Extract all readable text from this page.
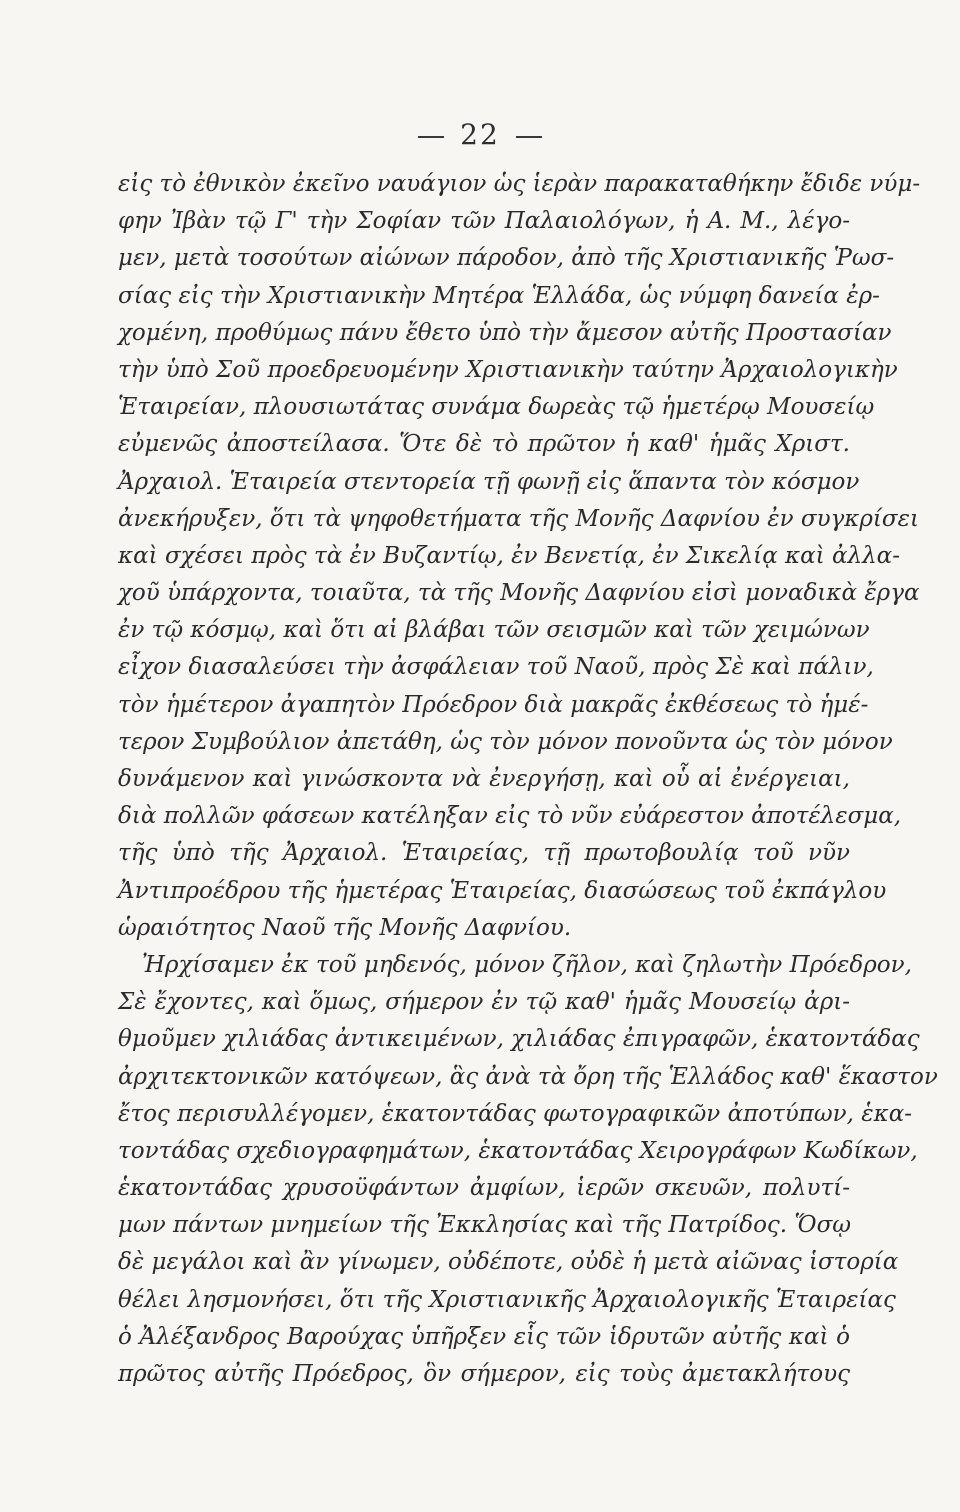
22
εἰς τὸ ἐθνικὸν ἐκεῖνο ναυάγιον ὡς ἱερὰν παρακαταθήκην ἔδιδε νύμ-
φην Ἰβὰν τῷ Γ' τὴν Σοφίαν τῶν Παλαιολόγων, ἡ Α. Μ., λέγο-
μεν, μετὰ τοσούτων αἰώνων πάροδον, ἀπὸ τῆς Χριστιανικῆς Ῥωσ-
σίας εἰς τὴν Χριστιανικὴν Μητέρα Ἑλλάδα, ὡς νύμφη δανεία ἐρ-
χομένη, προθύμως πάνυ ἔθετο ὑπὸ τὴν ἄμεσον αὐτῆς Προστασίαν
τὴν ὑπὸ Σοῦ προεδρευομένην Χριστιανικὴν ταύτην Ἀρχαιολογικὴν
Ἑταιρείαν, πλουσιωτάτας συνάμα δωρεὰς τῷ ἡμετέρῳ Μουσείῳ
εὐμενῶς ἀποστείλασα. Ὅτε δὲ τὸ πρῶτον ἡ καθ' ἡμᾶς Χριστ.
Ἀρχαιολ. Ἑταιρεία στεντορεία τῇ φωνῇ εἰς ἅπαντα τὸν κόσμον
ἀνεκήρυξεν, ὅτι τὰ ψηφοθετήματα τῆς Μονῆς Δαφνίου ἐν συγκρίσει
καὶ σχέσει πρὸς τὰ ἐν Βυζαντίῳ, ἐν Βενετίᾳ, ἐν Σικελίᾳ καὶ ἀλλα-
χοῦ ὑπάρχοντα, τοιαῦτα, τὰ τῆς Μονῆς Δαφνίου εἰσὶ μοναδικὰ ἔργα
ἐν τῷ κόσμῳ, καὶ ὅτι αἱ βλάβαι τῶν σεισμῶν καὶ τῶν χειμώνων
εἶχον διασαλεύσει τὴν ἀσφάλειαν τοῦ Ναοῦ, πρὸς Σὲ καὶ πάλιν,
τὸν ἡμέτερον ἀγαπητὸν Πρόεδρον διὰ μακρᾶς ἐκθέσεως τὸ ἡμέ-
τερον Συμβούλιον ἀπετάθη, ὡς τὸν μόνον πονοῦντα ὡς τὸν μόνον
δυνάμενον καὶ γινώσκοντα νὰ ἐνεργήσῃ, καὶ οὗ αἱ ἐνέργειαι,
διὰ πολλῶν φάσεων κατέληξαν εἰς τὸ νῦν εὐάρεστον ἀποτέλεσμα,
τῆς ὑπὸ τῆς Ἀρχαιολ. Ἑταιρείας, τῇ πρωτοβουλίᾳ τοῦ νῦν
Ἀντιπροέδρου τῆς ἡμετέρας Ἑταιρείας, διασώσεως τοῦ ἐκπάγλου
ὡραιότητος Ναοῦ τῆς Μονῆς Δαφνίου.
Ἠρχίσαμεν ἐκ τοῦ μηδενός, μόνον ζῆλον, καὶ ζηλωτὴν Πρόεδρον,
Σὲ ἔχοντες, καὶ ὅμως, σήμερον ἐν τῷ καθ' ἡμᾶς Μουσείῳ ἀρι-
θμοῦμεν χιλιάδας ἀντικειμένων, χιλιάδας ἐπιγραφῶν, ἑκατοντάδας
ἀρχιτεκτονικῶν κατόψεων, ἃς ἀνὰ τὰ ὄρη τῆς Ἑλλάδος καθ' ἕκαστον
ἔτος περισυλλέγομεν, ἑκατοντάδας φωτογραφικῶν ἀποτύπων, ἑκα-
τοντάδας σχεδιογραφημάτων, ἑκατοντάδας Χειρογράφων Κωδίκων,
ἑκατοντάδας χρυσοϋφάντων ἀμφίων, ἱερῶν σκευῶν, πολυτί-
μων πάντων μνημείων τῆς Ἐκκλησίας καὶ τῆς Πατρίδος. Ὅσῳ
δὲ μεγάλοι καὶ ἂν γίνωμεν, οὐδέποτε, οὐδὲ ἡ μετὰ αἰῶνας ἱστορία
θέλει λησμονήσει, ὅτι τῆς Χριστιανικῆς Ἀρχαιολογικῆς Ἑταιρείας
ὁ Ἀλέξανδρος Βαρούχας ὑπῆρξεν εἷς τῶν ἱδρυτῶν αὐτῆς καὶ ὁ
πρῶτος αὐτῆς Πρόεδρος, ὃν σήμερον, εἰς τοὺς ἀμετακλήτους
